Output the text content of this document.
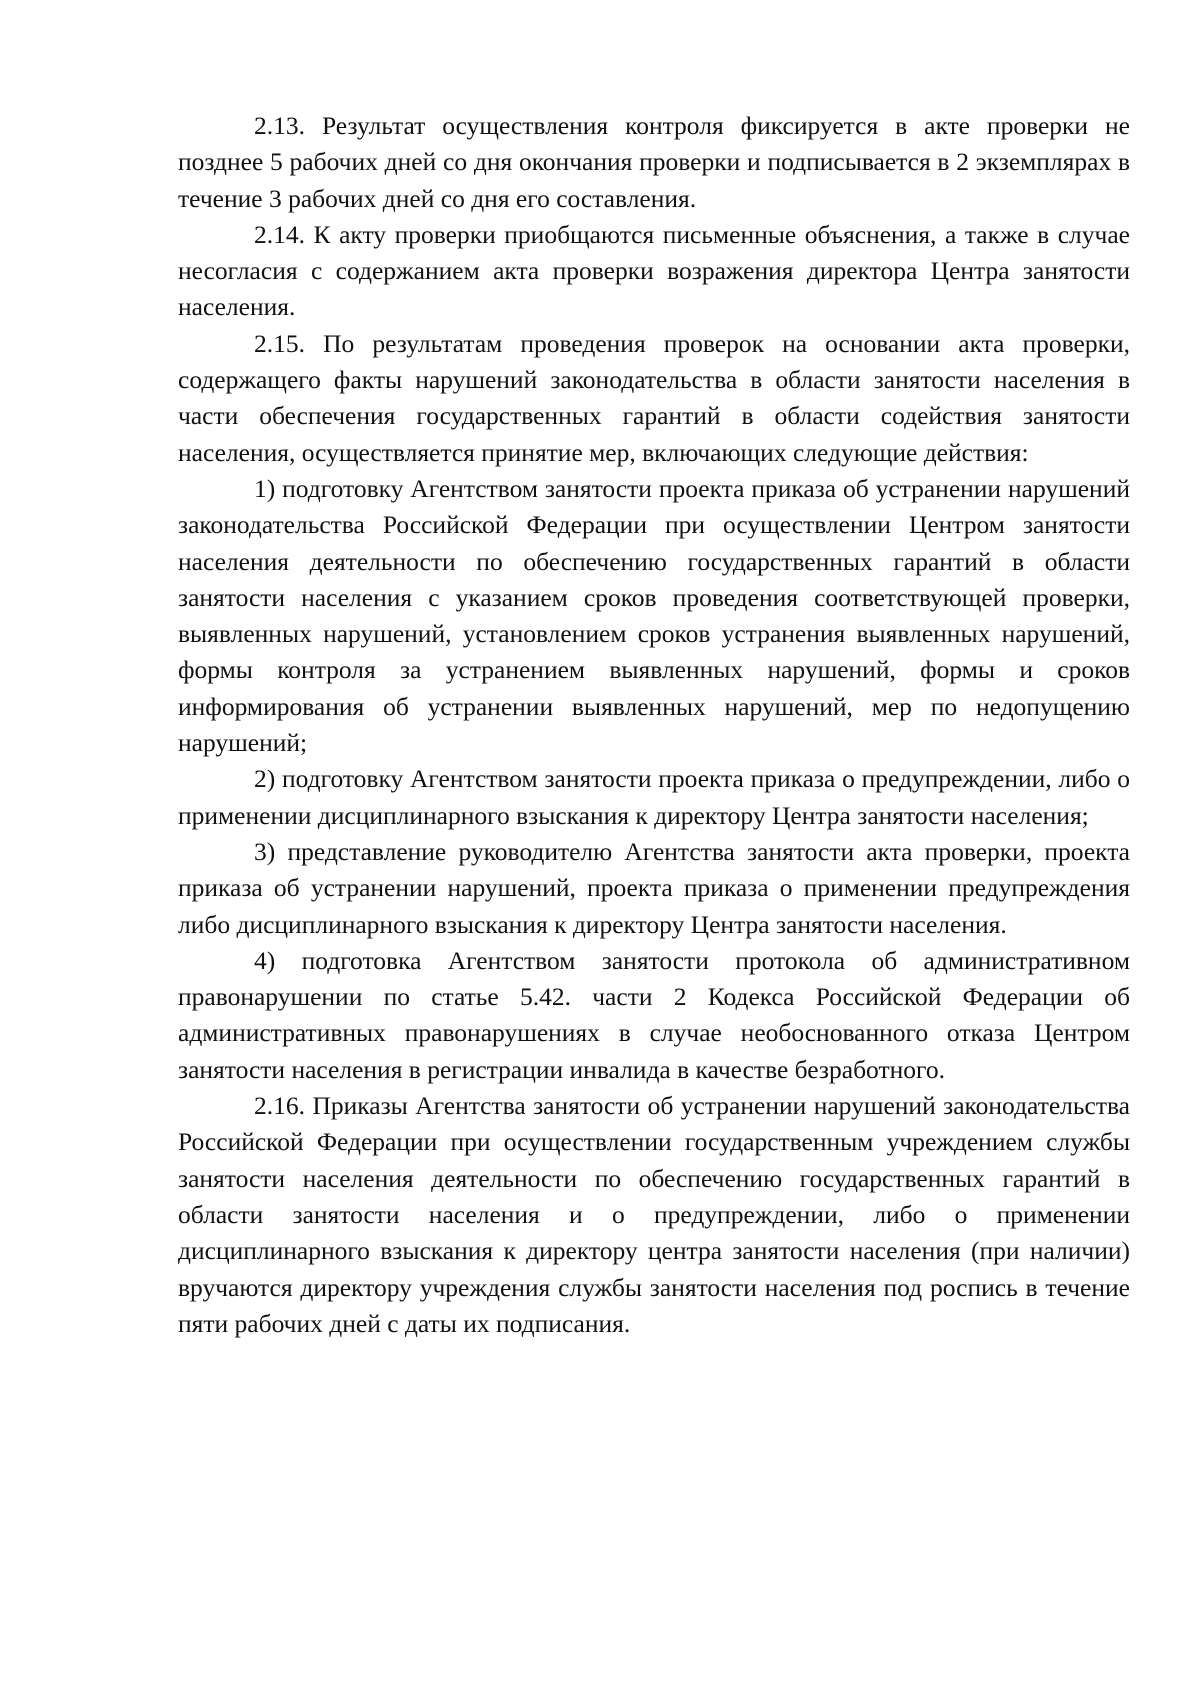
2.13. Результат осуществления контроля фиксируется в акте проверки не позднее 5 рабочих дней со дня окончания проверки и подписывается в 2 экземплярах в течение 3 рабочих дней со дня его составления.

2.14. К акту проверки приобщаются письменные объяснения, а также в случае несогласия с содержанием акта проверки возражения директора Центра занятости населения.

2.15. По результатам проведения проверок на основании акта проверки, содержащего факты нарушений законодательства в области занятости населения в части обеспечения государственных гарантий в области содействия занятости населения, осуществляется принятие мер, включающих следующие действия:

1) подготовку Агентством занятости проекта приказа об устранении нарушений законодательства Российской Федерации при осуществлении Центром занятости населения деятельности по обеспечению государственных гарантий в области занятости населения с указанием сроков проведения соответствующей проверки, выявленных нарушений, установлением сроков устранения выявленных нарушений, формы контроля за устранением выявленных нарушений, формы и сроков информирования об устранении выявленных нарушений, мер по недопущению нарушений;

2) подготовку Агентством занятости проекта приказа о предупреждении, либо о применении дисциплинарного взыскания к директору Центра занятости населения;

3) представление руководителю Агентства занятости акта проверки, проекта приказа об устранении нарушений, проекта приказа о применении предупреждения либо дисциплинарного взыскания к директору Центра занятости населения.

4) подготовка Агентством занятости протокола об административном правонарушении по статье 5.42. части 2 Кодекса Российской Федерации об административных правонарушениях в случае необоснованного отказа Центром занятости населения в регистрации инвалида в качестве безработного.

2.16. Приказы Агентства занятости об устранении нарушений законодательства Российской Федерации при осуществлении государственным учреждением службы занятости населения деятельности по обеспечению государственных гарантий в области занятости населения и о предупреждении, либо о применении дисциплинарного взыскания к директору центра занятости населения (при наличии) вручаются директору учреждения службы занятости населения под роспись в течение пяти рабочих дней с даты их подписания.
